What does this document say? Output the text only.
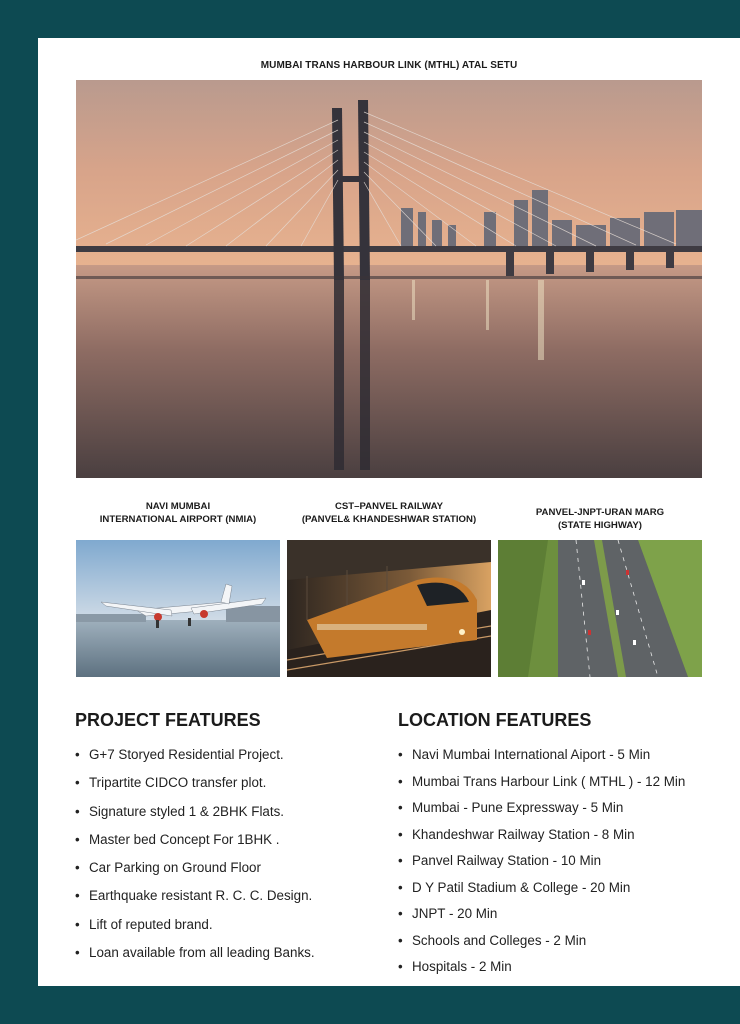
MUMBAI TRANS HARBOUR LINK (MTHL) ATAL SETU
NAVI MUMBAI
INTERNATIONAL AIRPORT (NMIA)
CST–PANVEL RAILWAY
(PANVEL& KHANDESHWAR STATION)
PANVEL-JNPT-URAN MARG
(STATE HIGHWAY)
PROJECT FEATURES
• G+7 Storyed Residential Project.
• Tripartite CIDCO transfer plot.
• Signature styled 1 & 2BHK Flats.
• Master bed Concept For 1BHK .
• Car Parking on Ground Floor
• Earthquake resistant R. C. C. Design.
• Lift of reputed brand.
• Loan available from all leading Banks.
LOCATION FEATURES
• Navi Mumbai International Aiport - 5 Min
• Mumbai Trans Harbour Link ( MTHL ) - 12 Min
• Mumbai - Pune Expressway - 5 Min
• Khandeshwar Railway Station - 8 Min
• Panvel Railway Station - 10 Min
• D Y Patil Stadium & College - 20 Min
• JNPT - 20 Min
• Schools and Colleges - 2 Min
• Hospitals - 2 Min
